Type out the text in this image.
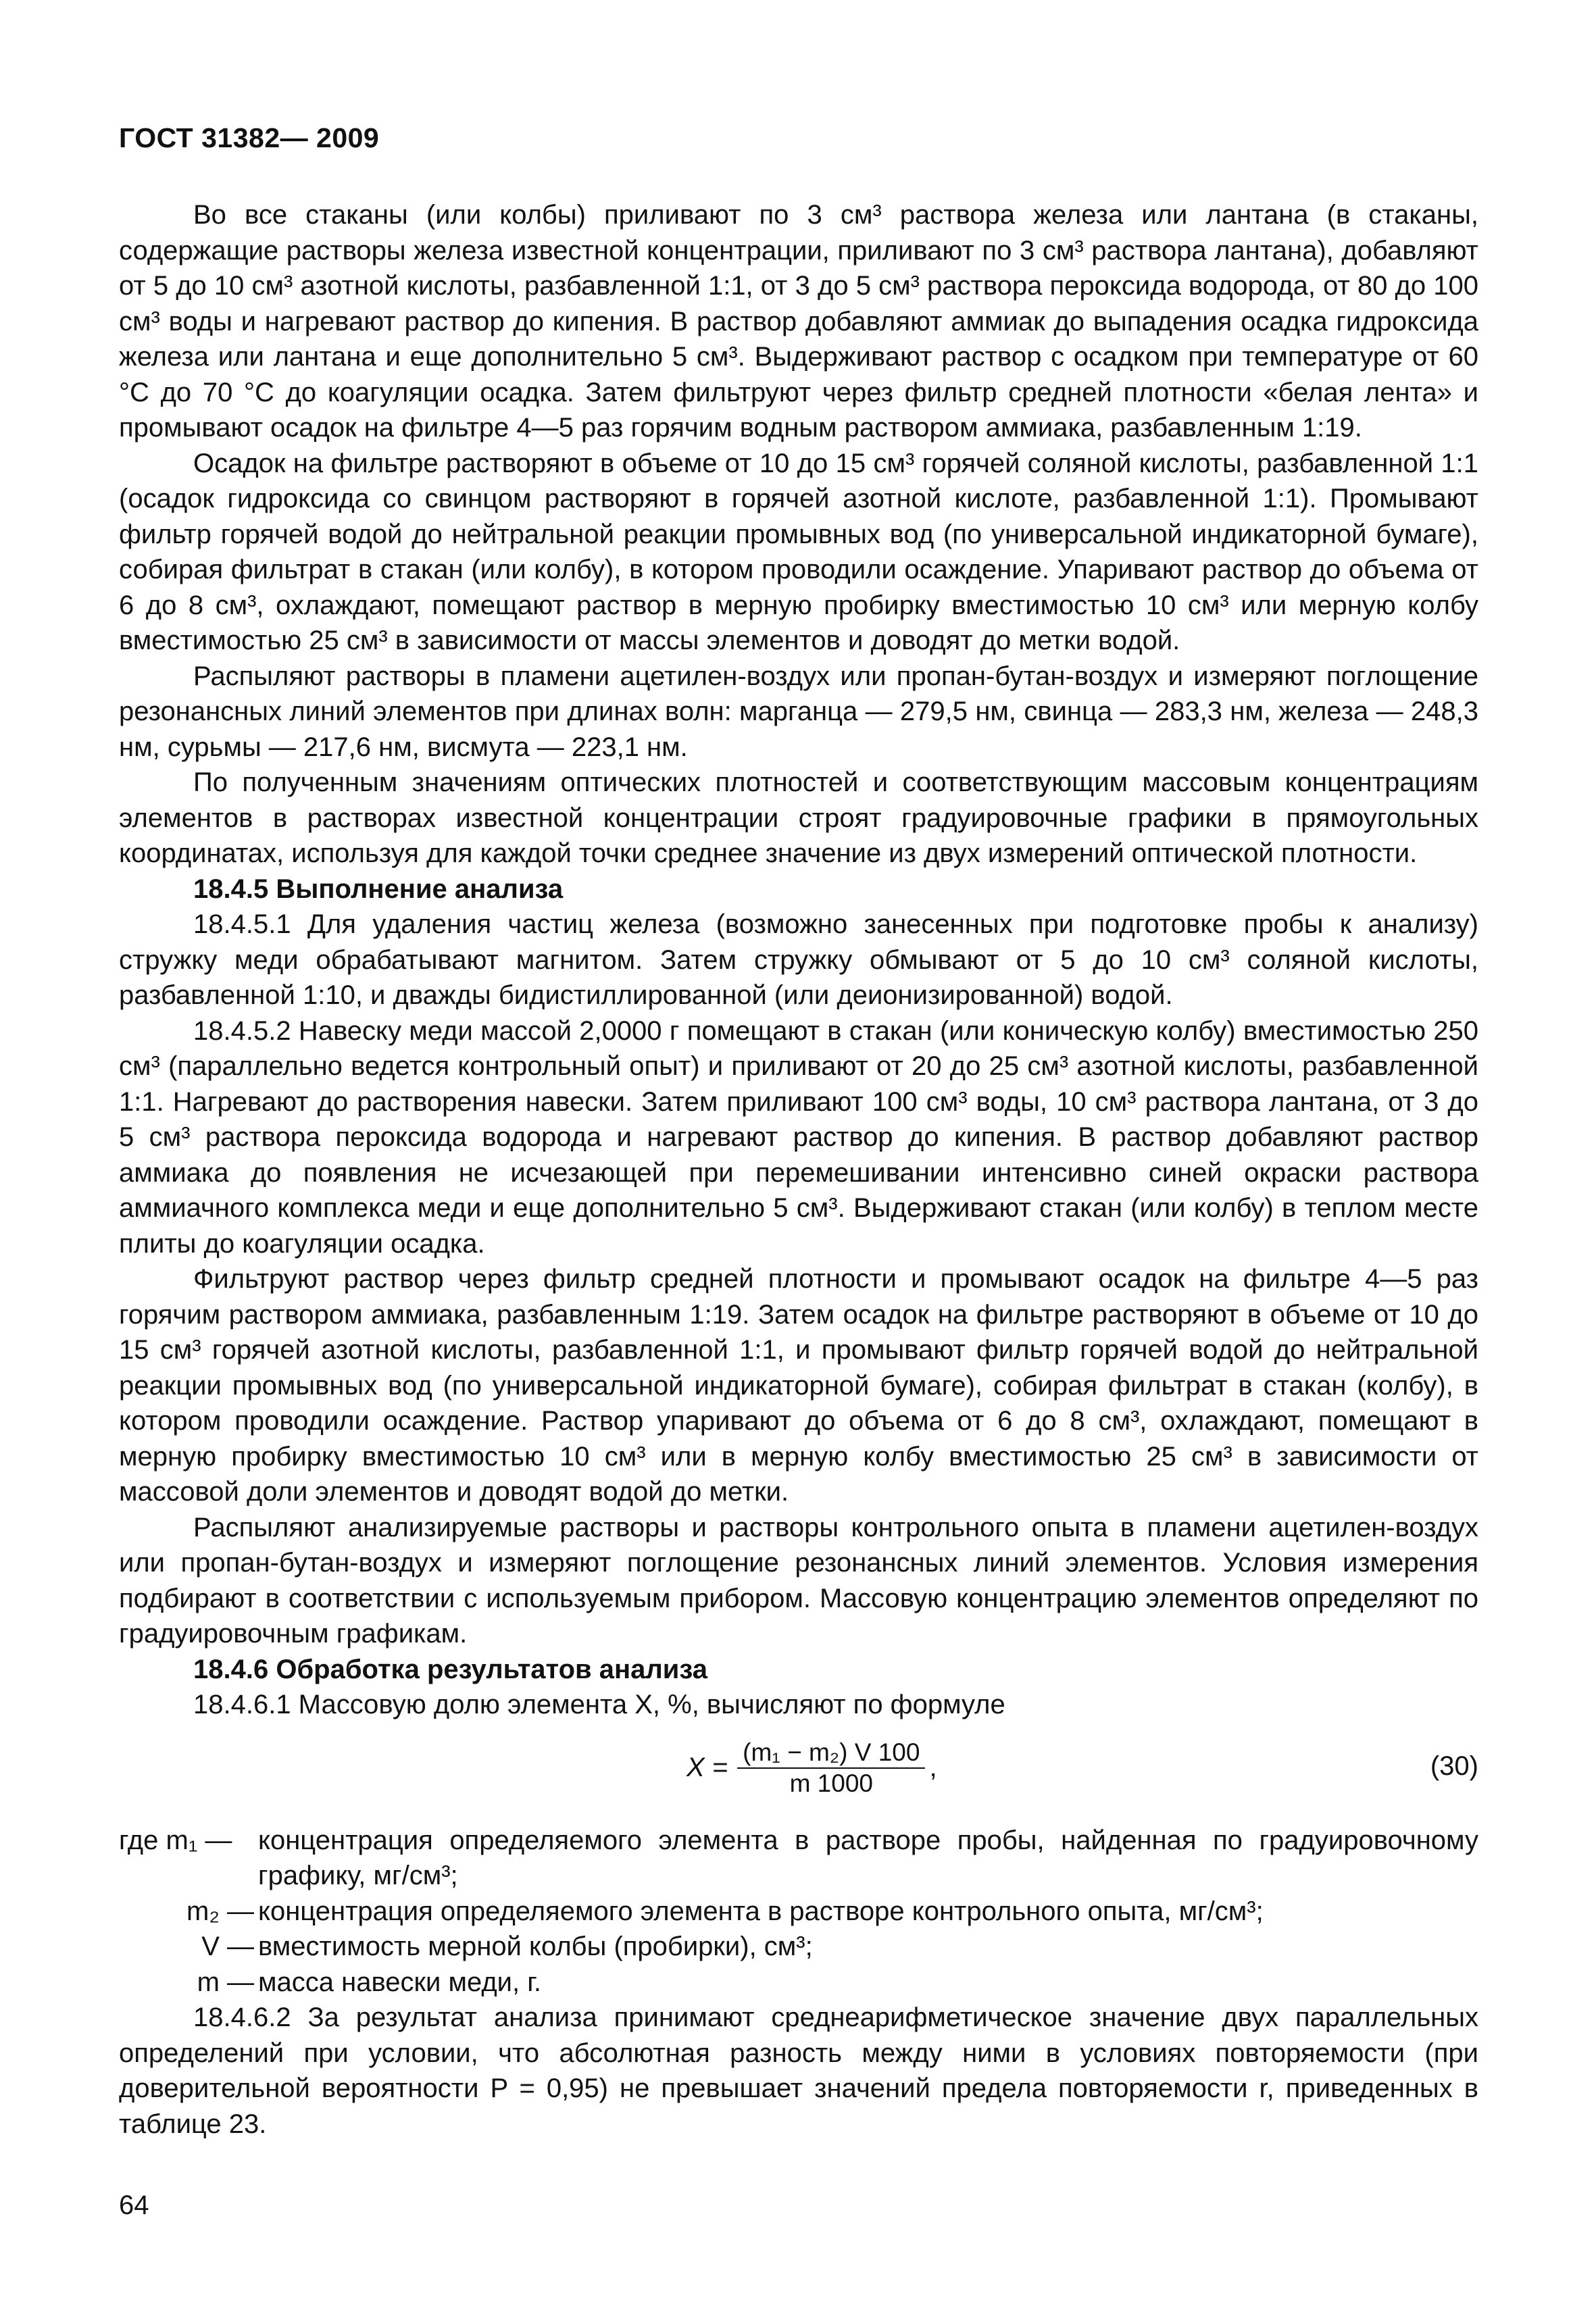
ГОСТ 31382— 2009

Во все стаканы (или колбы) приливают по 3 см³ раствора железа или лантана (в стаканы, содержащие растворы железа известной концентрации, приливают по 3 см³ раствора лантана), добавляют от 5 до 10 см³ азотной кислоты, разбавленной 1:1, от 3 до 5 см³ раствора пероксида водорода, от 80 до 100 см³ воды и нагревают раствор до кипения. В раствор добавляют аммиак до выпадения осадка гидроксида железа или лантана и еще дополнительно 5 см³. Выдерживают раствор с осадком при температуре от 60 °С до 70 °С до коагуляции осадка. Затем фильтруют через фильтр средней плотности «белая лента» и промывают осадок на фильтре 4—5 раз горячим водным раствором аммиака, разбавленным 1:19.

Осадок на фильтре растворяют в объеме от 10 до 15 см³ горячей соляной кислоты, разбавленной 1:1 (осадок гидроксида со свинцом растворяют в горячей азотной кислоте, разбавленной 1:1). Промывают фильтр горячей водой до нейтральной реакции промывных вод (по универсальной индикаторной бумаге), собирая фильтрат в стакан (или колбу), в котором проводили осаждение. Упаривают раствор до объема от 6 до 8 см³, охлаждают, помещают раствор в мерную пробирку вместимостью 10 см³ или мерную колбу вместимостью 25 см³ в зависимости от массы элементов и доводят до метки водой.

Распыляют растворы в пламени ацетилен-воздух или пропан-бутан-воздух и измеряют поглощение резонансных линий элементов при длинах волн: марганца — 279,5 нм, свинца — 283,3 нм, железа — 248,3 нм, сурьмы — 217,6 нм, висмута — 223,1 нм.

По полученным значениям оптических плотностей и соответствующим массовым концентрациям элементов в растворах известной концентрации строят градуировочные графики в прямоугольных координатах, используя для каждой точки среднее значение из двух измерений оптической плотности.

18.4.5 Выполнение анализа

18.4.5.1 Для удаления частиц железа (возможно занесенных при подготовке пробы к анализу) стружку меди обрабатывают магнитом. Затем стружку обмывают от 5 до 10 см³ соляной кислоты, разбавленной 1:10, и дважды бидистиллированной (или деионизированной) водой.

18.4.5.2 Навеску меди массой 2,0000 г помещают в стакан (или коническую колбу) вместимостью 250 см³ (параллельно ведется контрольный опыт) и приливают от 20 до 25 см³ азотной кислоты, разбавленной 1:1. Нагревают до растворения навески. Затем приливают 100 см³ воды, 10 см³ раствора лантана, от 3 до 5 см³ раствора пероксида водорода и нагревают раствор до кипения. В раствор добавляют раствор аммиака до появления не исчезающей при перемешивании интенсивно синей окраски раствора аммиачного комплекса меди и еще дополнительно 5 см³. Выдерживают стакан (или колбу) в теплом месте плиты до коагуляции осадка.

Фильтруют раствор через фильтр средней плотности и промывают осадок на фильтре 4—5 раз горячим раствором аммиака, разбавленным 1:19. Затем осадок на фильтре растворяют в объеме от 10 до 15 см³ горячей азотной кислоты, разбавленной 1:1, и промывают фильтр горячей водой до нейтральной реакции промывных вод (по универсальной индикаторной бумаге), собирая фильтрат в стакан (колбу), в котором проводили осаждение. Раствор упаривают до объема от 6 до 8 см³, охлаждают, помещают в мерную пробирку вместимостью 10 см³ или в мерную колбу вместимостью 25 см³ в зависимости от массовой доли элементов и доводят водой до метки.

Распыляют анализируемые растворы и растворы контрольного опыта в пламени ацетилен-воздух или пропан-бутан-воздух и измеряют поглощение резонансных линий элементов. Условия измерения подбирают в соответствии с используемым прибором. Массовую концентрацию элементов определяют по градуировочным графикам.

18.4.6 Обработка результатов анализа

18.4.6.1 Массовую долю элемента X, %, вычисляют по формуле

$X = \frac{\text{(m₁ − m₂) V 100}}{m 1000}$ ,	(30)
где m₁ — концентрация определяемого элемента в растворе пробы, найденная по градуировочному графику, мг/см³;
m₂ — концентрация определяемого элемента в растворе контрольного опыта, мг/см³;
V — вместимость мерной колбы (пробирки), см³;
m — масса навески меди, г.

18.4.6.2 За результат анализа принимают среднеарифметическое значение двух параллельных определений при условии, что абсолютная разность между ними в условиях повторяемости (при доверительной вероятности P = 0,95) не превышает значений предела повторяемости r, приведенных в таблице 23.

64
